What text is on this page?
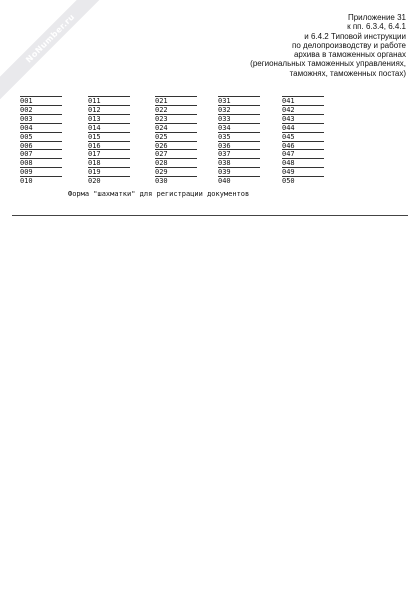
NoNumber.ru	Приложение 31
к пп. 6.3.4, 6.4.1
и 6.4.2 Типовой инструкции
по делопроизводству и работе
архива в таможенных органах
(региональных таможенных управлениях,
таможнях, таможенных постах)
001
002
003
004
005
006
007
008
009
010
011
012
013
014
015
016
017
018
019
020
021
022
023
024
025
026
027
028
029
030
031
032
033
034
035
036
037
038
039
040
041
042
043
044
045
046
047
048
049
050
Форма "шахматки" для регистрации документов
